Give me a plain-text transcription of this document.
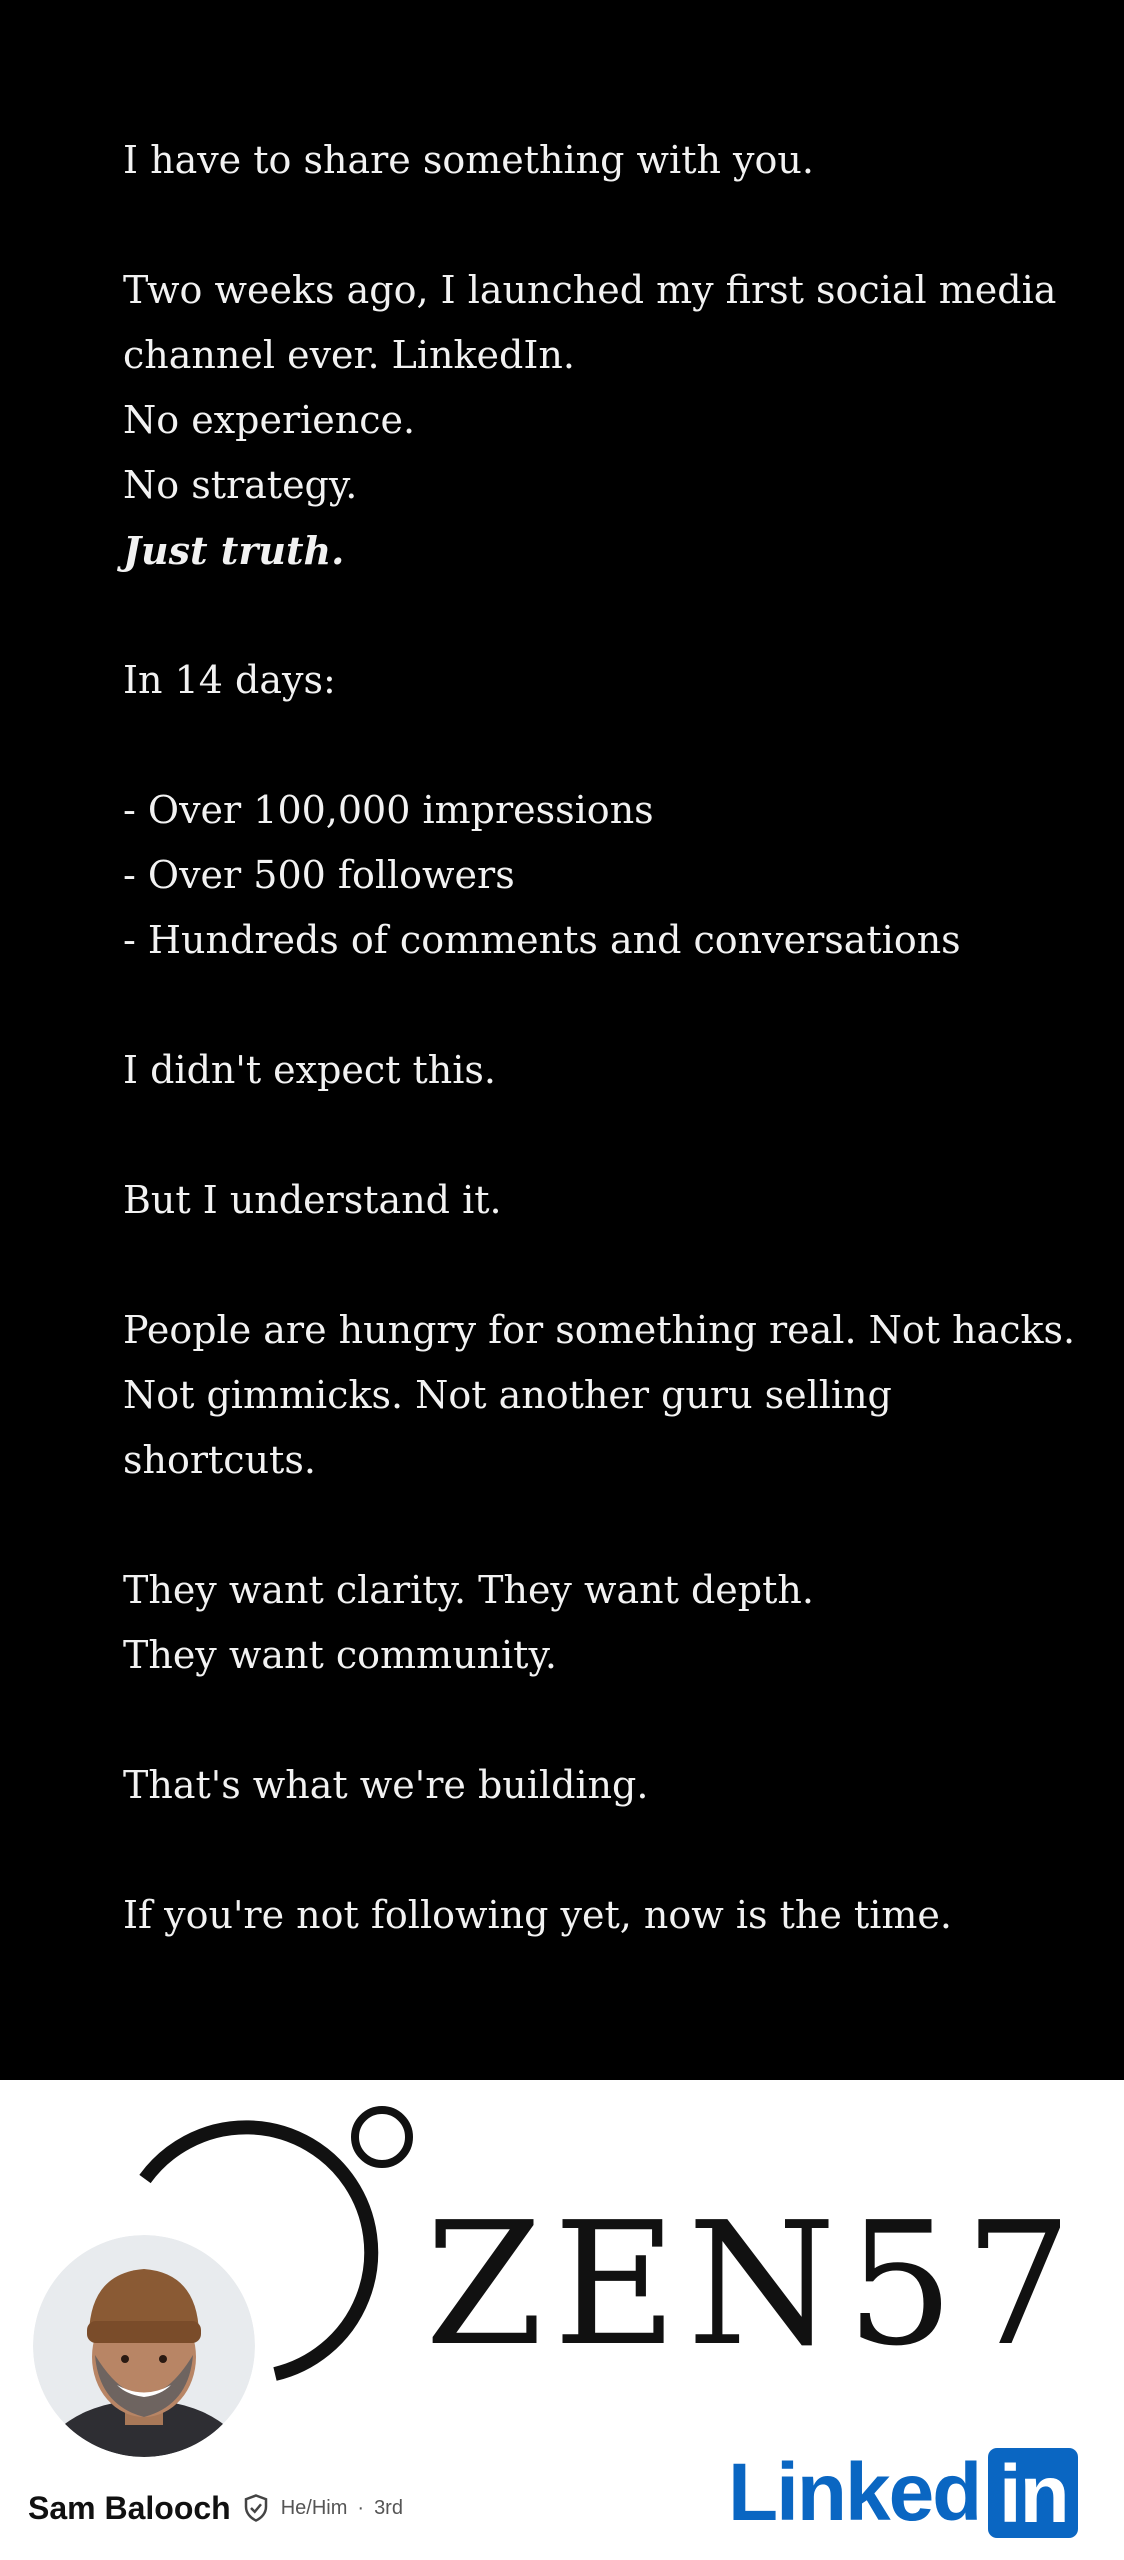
I have to share something with you.
Two weeks ago, I launched my first social media
channel ever. LinkedIn.
No experience.
No strategy.
Just truth.
In 14 days:
- Over 100,000 impressions
- Over 500 followers
- Hundreds of comments and conversations
I didn't expect this.
But I understand it.
People are hungry for something real. Not hacks.
Not gimmicks. Not another guru selling
shortcuts.
They want clarity. They want depth.
They want community.
That's what we're building.
If you're not following yet, now is the time.
ZEN57
Sam Balooch	He/Him · 3rd	Linked in
